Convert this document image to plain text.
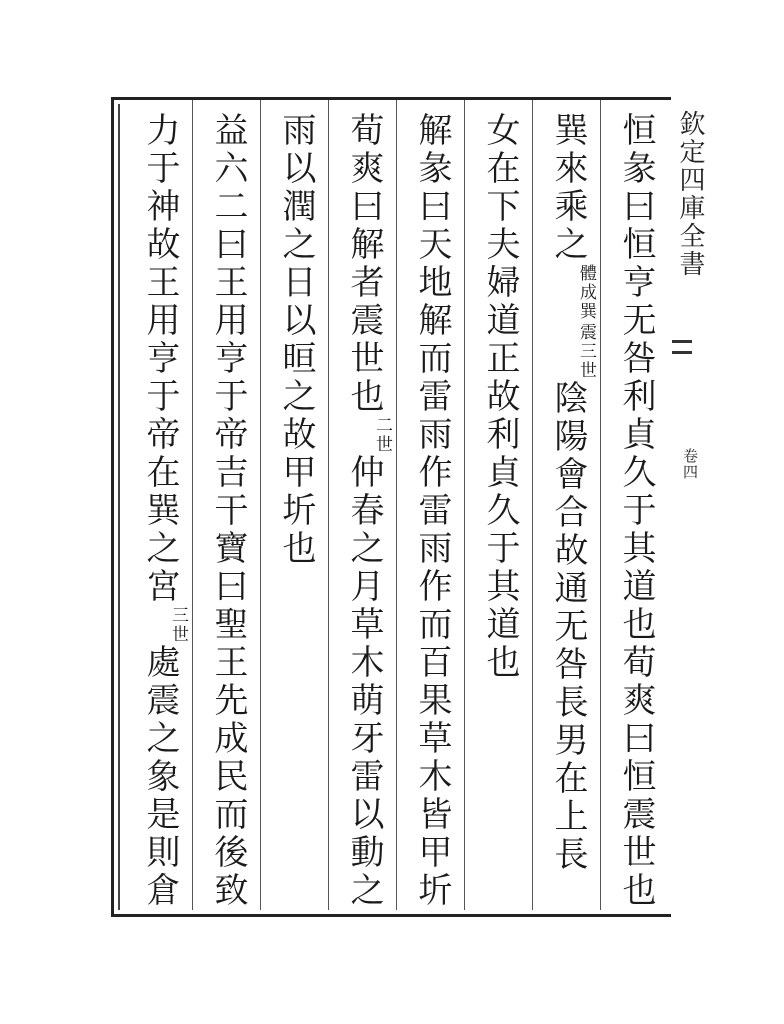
欽定四庫全書
卷四
恒彖曰恒亨无咎利貞久于其道也荀爽曰恒震世也
巽來乘之
震三世
體成巽
陰陽會合故通无咎長男在上長
女在下夫婦道正故利貞久于其道也
解彖曰天地解而雷雨作雷雨作而百果草木皆甲圻
荀爽曰解者震世也
二世
仲春之月草木萌牙雷以動之
雨以潤之日以晅之故甲圻也
益六二曰王用亨于帝吉干寶曰聖王先成民而後致
力于神故王用亨于帝在巽之宮
三世
處震之象是則倉
